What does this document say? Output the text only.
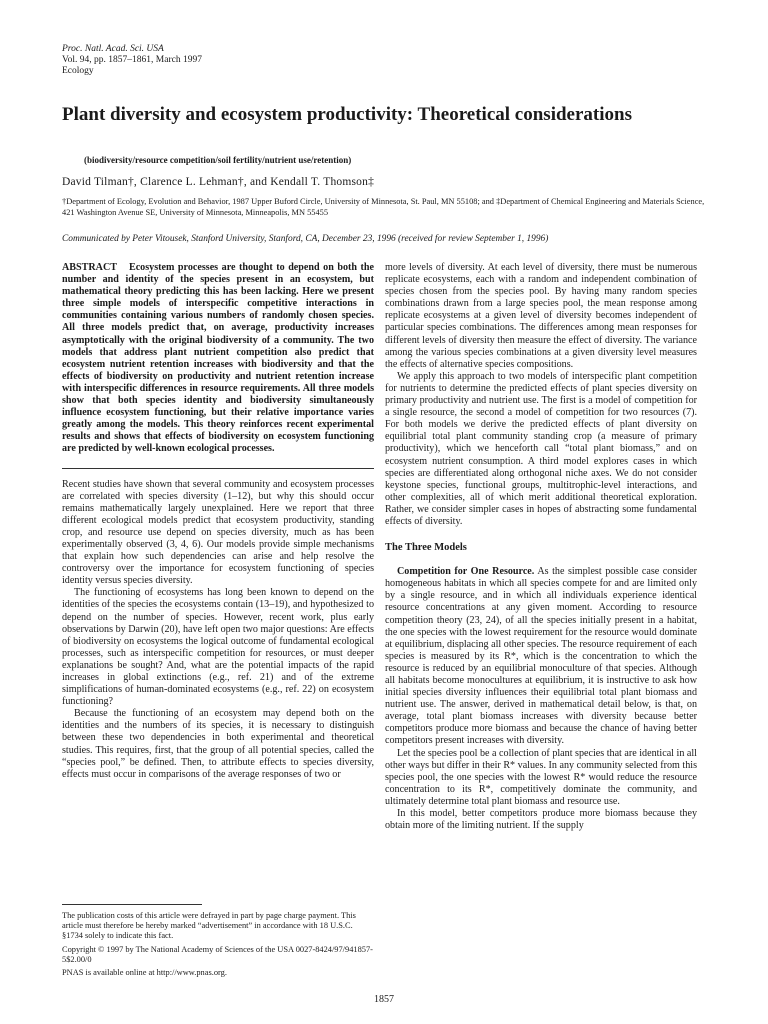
Proc. Natl. Acad. Sci. USA
Vol. 94, pp. 1857–1861, March 1997
Ecology
Plant diversity and ecosystem productivity: Theoretical considerations
(biodiversity/resource competition/soil fertility/nutrient use/retention)
David Tilman†, Clarence L. Lehman†, and Kendall T. Thomson‡
†Department of Ecology, Evolution and Behavior, 1987 Upper Buford Circle, University of Minnesota, St. Paul, MN 55108; and ‡Department of Chemical Engineering and Materials Science, 421 Washington Avenue SE, University of Minnesota, Minneapolis, MN 55455
Communicated by Peter Vitousek, Stanford University, Stanford, CA, December 23, 1996 (received for review September 1, 1996)
ABSTRACT Ecosystem processes are thought to depend on both the number and identity of the species present in an ecosystem, but mathematical theory predicting this has been lacking. Here we present three simple models of interspecific competitive interactions in communities containing various numbers of randomly chosen species. All three models predict that, on average, productivity increases asymptotically with the original biodiversity of a community. The two models that address plant nutrient competition also predict that ecosystem nutrient retention increases with biodiversity and that the effects of biodiversity on productivity and nutrient retention increase with interspecific differences in resource requirements. All three models show that both species identity and biodiversity simultaneously influence ecosystem functioning, but their relative importance varies greatly among the models. This theory reinforces recent experimental results and shows that effects of biodiversity on ecosystem functioning are predicted by well-known ecological processes.

Recent studies have shown that several community and ecosystem processes are correlated with species diversity (1–12), but why this should occur remains mathematically largely unexplained. Here we report that three different ecological models predict that ecosystem productivity, standing crop, and resource use depend on species diversity, much as has been experimentally observed (3, 4, 6). Our models provide simple mechanisms that explain how such dependencies can arise and help resolve the controversy over the importance for ecosystem functioning of species identity versus species diversity.

The functioning of ecosystems has long been known to depend on the identities of the species the ecosystems contain (13–19), and hypothesized to depend on the number of species. However, recent work, plus early observations by Darwin (20), have left open two major questions: Are effects of biodiversity on ecosystems the logical outcome of fundamental ecological processes, such as interspecific competition for resources, or must deeper explanations be sought? And, what are the potential impacts of the rapid increases in global extinctions (e.g., ref. 21) and of the extreme simplifications of human-dominated ecosystems (e.g., ref. 22) on ecosystem functioning?

Because the functioning of an ecosystem may depend both on the identities and the numbers of its species, it is necessary to distinguish between these two dependencies in both experimental and theoretical studies. This requires, first, that the group of all potential species, called the “species pool,” be defined. Then, to attribute effects to species diversity, effects must occur in comparisons of the average responses of two or

more levels of diversity. At each level of diversity, there must be numerous replicate ecosystems, each with a random and independent combination of species chosen from the species pool. By having many random species combinations drawn from a large species pool, the mean response among replicate ecosystems at a given level of diversity becomes independent of particular species combinations. The differences among mean responses for different levels of diversity then measure the effect of diversity. The variance among the various species combinations at a given diversity level measures the effects of alternative species compositions.

We apply this approach to two models of interspecific plant competition for nutrients to determine the predicted effects of plant species diversity on primary productivity and nutrient use. The first is a model of competition for a single resource, the second a model of competition for two resources (7). For both models we derive the predicted effects of plant diversity on equilibrial total plant community standing crop (a measure of primary productivity), which we henceforth call “total plant biomass,” and on ecosystem nutrient consumption. A third model explores cases in which species are differentiated along orthogonal niche axes. We do not consider keystone species, functional groups, multitrophic-level interactions, and other complexities, all of which merit additional theoretical exploration. Rather, we consider simpler cases in hopes of abstracting some fundamental effects of diversity.

The Three Models

Competition for One Resource. As the simplest possible case consider homogeneous habitats in which all species compete for and are limited only by a single resource, and in which all individuals experience identical resource concentrations at any given moment. According to resource competition theory (23, 24), of all the species initially present in a habitat, the one species with the lowest requirement for the resource would dominate at equilibrium, displacing all other species. The resource requirement of each species is measured by its R*, which is the concentration to which the resource is reduced by an equilibrial monoculture of that species. Although all habitats become monocultures at equilibrium, it is instructive to ask how initial species diversity influences their equilibrial total plant biomass and nutrient use. The answer, derived in mathematical detail below, is that, on average, total plant biomass increases with diversity because better competitors produce more biomass and because the chance of having better competitors present increases with diversity.

Let the species pool be a collection of plant species that are identical in all other ways but differ in their R* values. In any community selected from this species pool, the one species with the lowest R* would reduce the resource concentration to its R*, competitively dominate the community, and ultimately determine total plant biomass and resource use.

In this model, better competitors produce more biomass because they obtain more of the limiting nutrient. If the supply

The publication costs of this article were defrayed in part by page charge payment. This article must therefore be hereby marked “advertisement” in accordance with 18 U.S.C. §1734 solely to indicate this fact.

Copyright © 1997 by The National Academy of Sciences of the USA 0027-8424/97/941857-5$2.00/0

PNAS is available online at http://www.pnas.org.

1857
